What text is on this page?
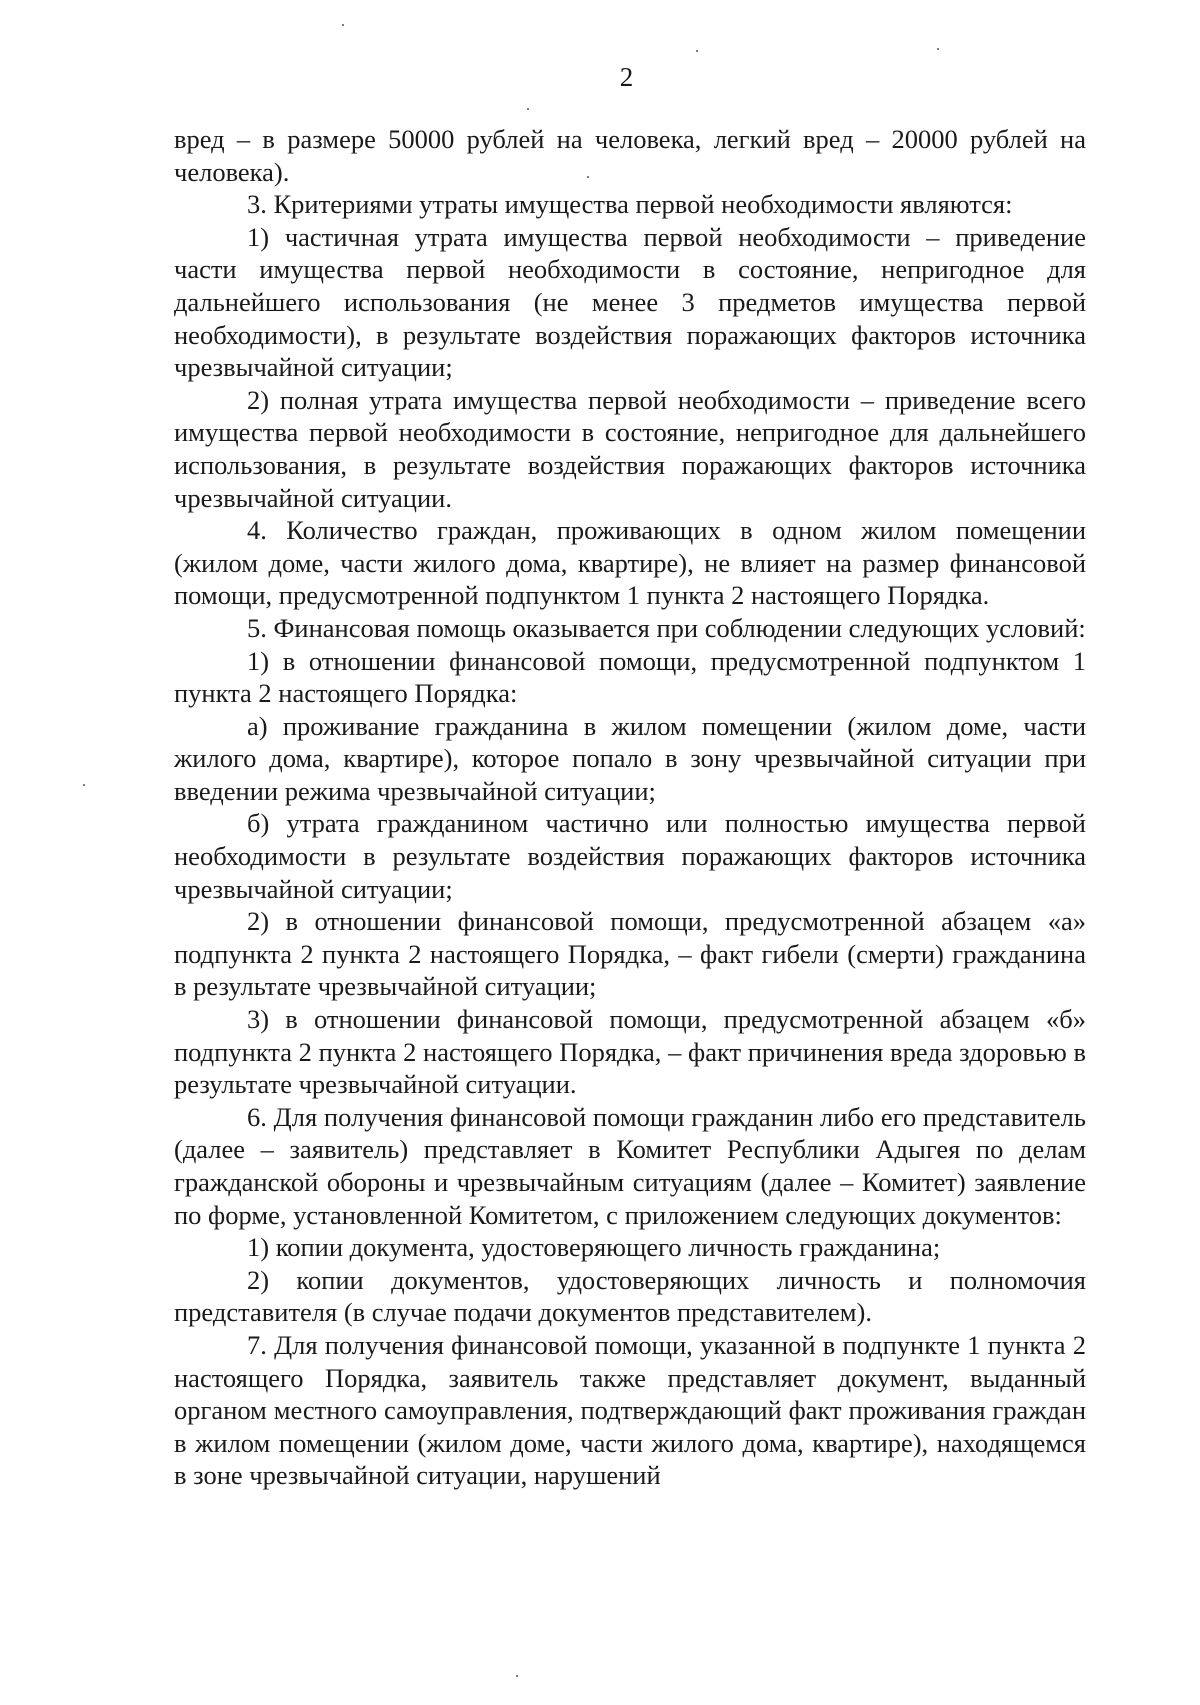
2

вред – в размере 50000 рублей на человека, легкий вред – 20000 рублей на человека).

3. Критериями утраты имущества первой необходимости являются:

1) частичная утрата имущества первой необходимости – приведение части имущества первой необходимости в состояние, непригодное для дальнейшего использования (не менее 3 предметов имущества первой необходимости), в результате воздействия поражающих факторов источника чрезвычайной ситуации;

2) полная утрата имущества первой необходимости – приведение всего имущества первой необходимости в состояние, непригодное для дальнейшего использования, в результате воздействия поражающих факторов источника чрезвычайной ситуации.

4. Количество граждан, проживающих в одном жилом помещении (жилом доме, части жилого дома, квартире), не влияет на размер финансовой помощи, предусмотренной подпунктом 1 пункта 2 настоящего Порядка.

5. Финансовая помощь оказывается при соблюдении следующих условий:

1) в отношении финансовой помощи, предусмотренной подпунктом 1 пункта 2 настоящего Порядка:

а) проживание гражданина в жилом помещении (жилом доме, части жилого дома, квартире), которое попало в зону чрезвычайной ситуации при введении режима чрезвычайной ситуации;

б) утрата гражданином частично или полностью имущества первой необходимости в результате воздействия поражающих факторов источника чрезвычайной ситуации;

2) в отношении финансовой помощи, предусмотренной абзацем «а» подпункта 2 пункта 2 настоящего Порядка, – факт гибели (смерти) гражданина в результате чрезвычайной ситуации;

3) в отношении финансовой помощи, предусмотренной абзацем «б» подпункта 2 пункта 2 настоящего Порядка, – факт причинения вреда здоровью в результате чрезвычайной ситуации.

6. Для получения финансовой помощи гражданин либо его представитель (далее – заявитель) представляет в Комитет Республики Адыгея по делам гражданской обороны и чрезвычайным ситуациям (далее – Комитет) заявление по форме, установленной Комитетом, с приложением следующих документов:

1) копии документа, удостоверяющего личность гражданина;

2) копии документов, удостоверяющих личность и полномочия представителя (в случае подачи документов представителем).

7. Для получения финансовой помощи, указанной в подпункте 1 пункта 2 настоящего Порядка, заявитель также представляет документ, выданный органом местного самоуправления, подтверждающий факт проживания граждан в жилом помещении (жилом доме, части жилого дома, квартире), находящемся в зоне чрезвычайной ситуации, нарушений
